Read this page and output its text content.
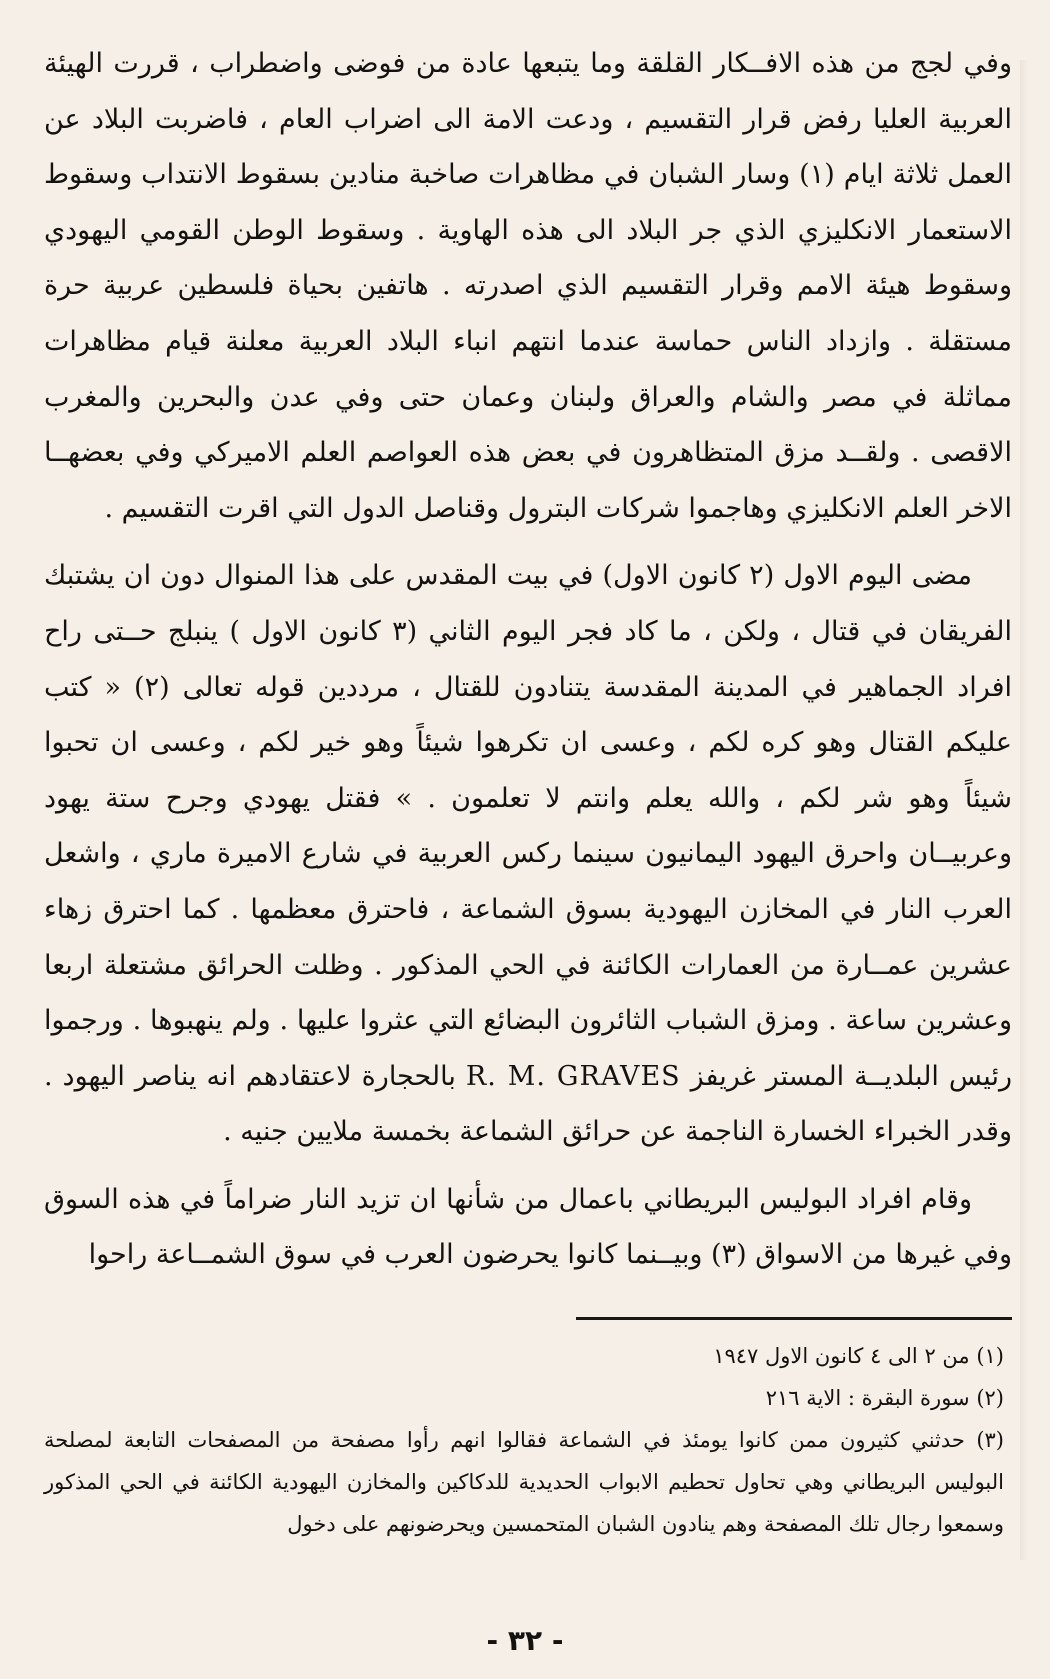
وفي لجج من هذه الافــكار القلقة وما يتبعها عادة من فوضى واضطراب ، قررت الهيئة العربية العليا رفض قرار التقسيم ، ودعت الامة الى اضراب العام ، فاضربت البلاد عن العمل ثلاثة ايام (١) وسار الشبان في مظاهرات صاخبة منادين بسقوط الانتداب وسقوط الاستعمار الانكليزي الذي جر البلاد الى هذه الهاوية . وسقوط الوطن القومي اليهودي وسقوط هيئة الامم وقرار التقسيم الذي اصدرته . هاتفين بحياة فلسطين عربية حرة مستقلة . وازداد الناس حماسة عندما انتهم انباء البلاد العربية معلنة قيام مظاهرات مماثلة في مصر والشام والعراق ولبنان وعمان حتى وفي عدن والبحرين والمغرب الاقصى . ولقــد مزق المتظاهرون في بعض هذه العواصم العلم الاميركي وفي بعضهــا الاخر العلم الانكليزي وهاجموا شركات البترول وقناصل الدول التي اقرت التقسيم .

مضى اليوم الاول (٢ كانون الاول) في بيت المقدس على هذا المنوال دون ان يشتبك الفريقان في قتال ، ولكن ، ما كاد فجر اليوم الثاني (٣ كانون الاول ) ينبلج حــتى راح افراد الجماهير في المدينة المقدسة يتنادون للقتال ، مرددين قوله تعالى (٢) « كتب عليكم القتال وهو كره لكم ، وعسى ان تكرهوا شيئاً وهو خير لكم ، وعسى ان تحبوا شيئاً وهو شر لكم ، والله يعلم وانتم لا تعلمون . » فقتل يهودي وجرح ستة يهود وعربيــان واحرق اليهود اليمانيون سينما ركس العربية في شارع الاميرة ماري ، واشعل العرب النار في المخازن اليهودية بسوق الشماعة ، فاحترق معظمها . كما احترق زهاء عشرين عمــارة من العمارات الكائنة في الحي المذكور . وظلت الحرائق مشتعلة اربعا وعشرين ساعة . ومزق الشباب الثائرون البضائع التي عثروا عليها . ولم ينهبوها . ورجموا رئيس البلديــة المستر غريفز R. M. GRAVES بالحجارة لاعتقادهم انه يناصر اليهود . وقدر الخبراء الخسارة الناجمة عن حرائق الشماعة بخمسة ملايين جنيه .

وقام افراد البوليس البريطاني باعمال من شأنها ان تزيد النار ضراماً في هذه السوق وفي غيرها من الاسواق (٣) وبيــنما كانوا يحرضون العرب في سوق الشمــاعة راحوا

(١) من ٢ الى ٤ كانون الاول ١٩٤٧

(٢) سورة البقرة : الاية ٢١٦

(٣) حدثني كثيرون ممن كانوا يومئذ في الشماعة فقالوا انهم رأوا مصفحة من المصفحات التابعة لمصلحة البوليس البريطاني وهي تحاول تحطيم الابواب الحديدية للدكاكين والمخازن اليهودية الكائنة في الحي المذكور وسمعوا رجال تلك المصفحة وهم ينادون الشبان المتحمسين ويحرضونهم على دخول

- ٣٢ -
